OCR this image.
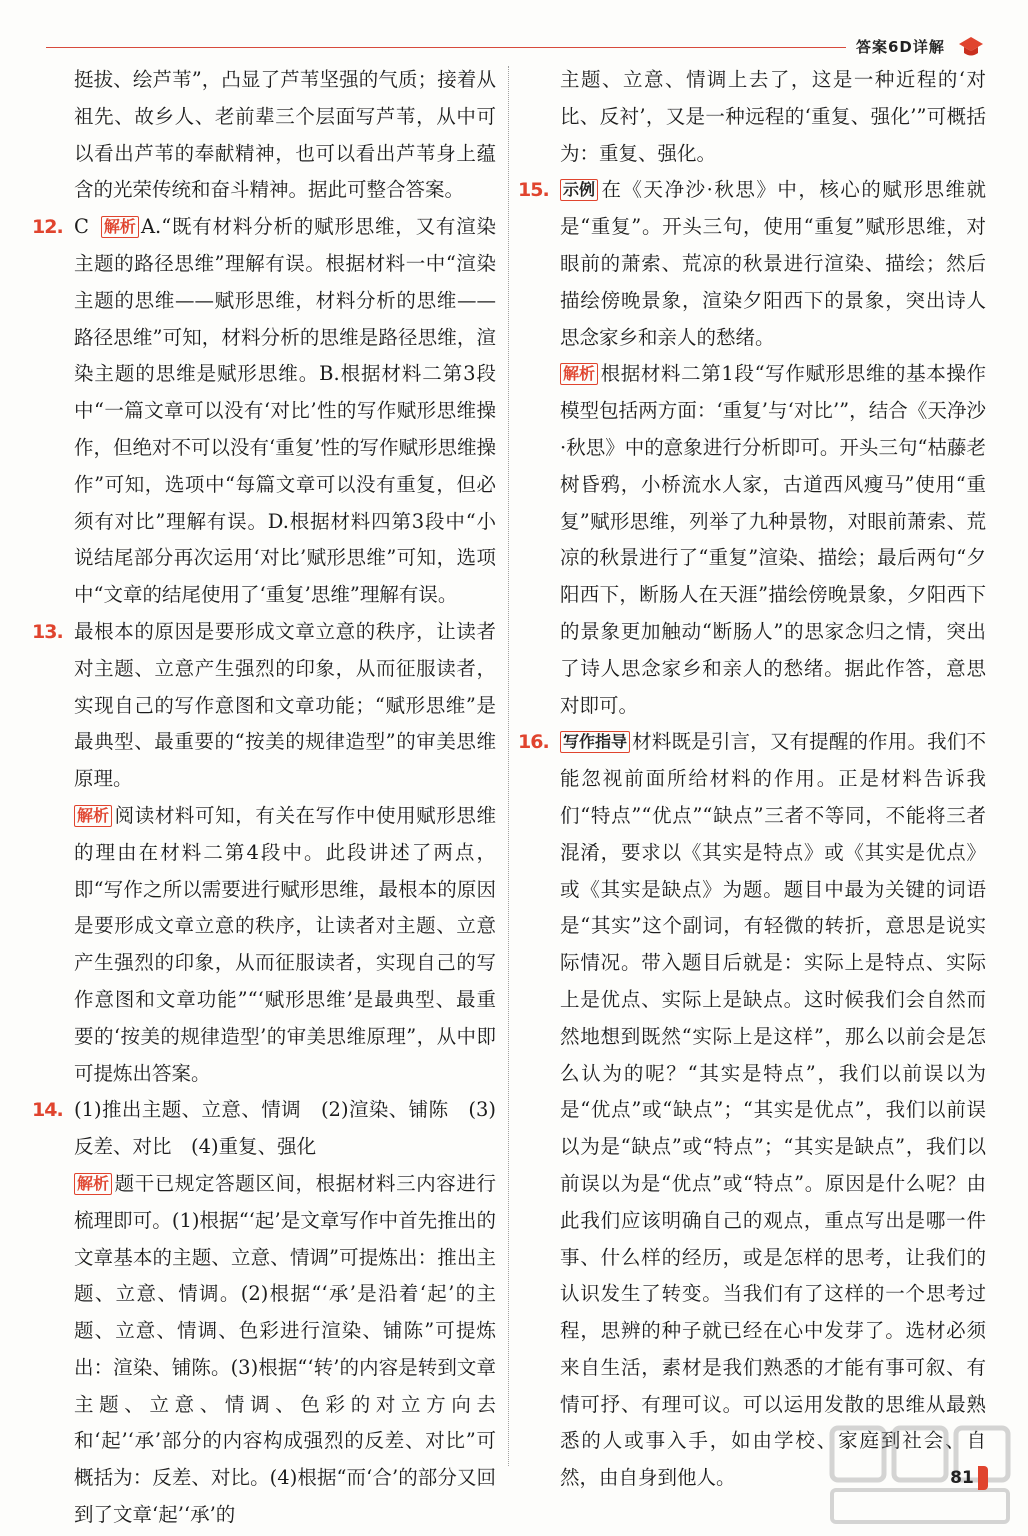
答案6D详解
挺拔、绘芦苇”，凸显了芦苇坚强的气质；接着从祖先、故乡人、老前辈三个层面写芦苇，从中可以看出芦苇的奉献精神，也可以看出芦苇身上蕴含的光荣传统和奋斗精神。据此可整合答案。
12. C 解析 A.“既有材料分析的赋形思维，又有渲染主题的路径思维”理解有误。根据材料一中“渲染主题的思维——赋形思维，材料分析的思维——路径思维”可知，材料分析的思维是路径思维，渲染主题的思维是赋形思维。B.根据材料二第3段中“一篇文章可以没有‘对比’性的写作赋形思维操作，但绝对不可以没有‘重复’性的写作赋形思维操作”可知，选项中“每篇文章可以没有重复，但必须有对比”理解有误。D.根据材料四第3段中“小说结尾部分再次运用‘对比’赋形思维”可知，选项中“文章的结尾使用了‘重复’思维”理解有误。
13. 最根本的原因是要形成文章立意的秩序，让读者对主题、立意产生强烈的印象，从而征服读者，实现自己的写作意图和文章功能；“赋形思维”是最典型、最重要的“按美的规律造型”的审美思维原理。
解析 阅读材料可知，有关在写作中使用赋形思维的理由在材料二第4段中。此段讲述了两点，即“写作之所以需要进行赋形思维，最根本的原因是要形成文章立意的秩序，让读者对主题、立意产生强烈的印象，从而征服读者，实现自己的写作意图和文章功能”“‘赋形思维’是最典型、最重要的‘按美的规律造型’的审美思维原理”，从中即可提炼出答案。
14. (1)推出主题、立意、情调　(2)渲染、铺陈　(3)反差、对比　(4)重复、强化
解析 题干已规定答题区间，根据材料三内容进行梳理即可。(1)根据“‘起’是文章写作中首先推出的文章基本的主题、立意、情调”可提炼出：推出主题、立意、情调。(2)根据“‘承’是沿着‘起’的主题、立意、情调、色彩进行渲染、铺陈”可提炼出：渲染、铺陈。(3)根据“‘转’的内容是转到文章主题、立意、情调、色彩的对立方向去和‘起’‘承’部分的内容构成强烈的反差、对比”可概括为：反差、对比。(4)根据“而‘合’的部分又回到了文章‘起’‘承’的
主题、立意、情调上去了，这是一种近程的‘对比、反衬’，又是一种远程的‘重复、强化’”可概括为：重复、强化。
15. 示例 在《天净沙·秋思》中，核心的赋形思维就是“重复”。开头三句，使用“重复”赋形思维，对眼前的萧索、荒凉的秋景进行渲染、描绘；然后描绘傍晚景象，渲染夕阳西下的景象，突出诗人思念家乡和亲人的愁绪。
解析 根据材料二第1段“写作赋形思维的基本操作模型包括两方面：‘重复’与‘对比’”，结合《天净沙·秋思》中的意象进行分析即可。开头三句“枯藤老树昏鸦，小桥流水人家，古道西风瘦马”使用“重复”赋形思维，列举了九种景物，对眼前萧索、荒凉的秋景进行了“重复”渲染、描绘；最后两句“夕阳西下，断肠人在天涯”描绘傍晚景象，夕阳西下的景象更加触动“断肠人”的思家念归之情，突出了诗人思念家乡和亲人的愁绪。据此作答，意思对即可。
16. 写作指导 材料既是引言，又有提醒的作用。我们不能忽视前面所给材料的作用。正是材料告诉我们“特点”“优点”“缺点”三者不等同，不能将三者混淆，要求以《其实是特点》或《其实是优点》或《其实是缺点》为题。题目中最为关键的词语是“其实”这个副词，有轻微的转折，意思是说实际情况。带入题目后就是：实际上是特点、实际上是优点、实际上是缺点。这时候我们会自然而然地想到既然“实际上是这样”，那么以前会是怎么认为的呢？“其实是特点”，我们以前误以为是“优点”或“缺点”；“其实是优点”，我们以前误以为是“缺点”或“特点”；“其实是缺点”，我们以前误以为是“优点”或“特点”。原因是什么呢？由此我们应该明确自己的观点，重点写出是哪一件事、什么样的经历，或是怎样的思考，让我们的认识发生了转变。当我们有了这样的一个思考过程，思辨的种子就已经在心中发芽了。选材必须来自生活，素材是我们熟悉的才能有事可叙、有情可抒、有理可议。可以运用发散的思维从最熟悉的人或事入手，如由学校、家庭到社会、自然，由自身到他人。	81
